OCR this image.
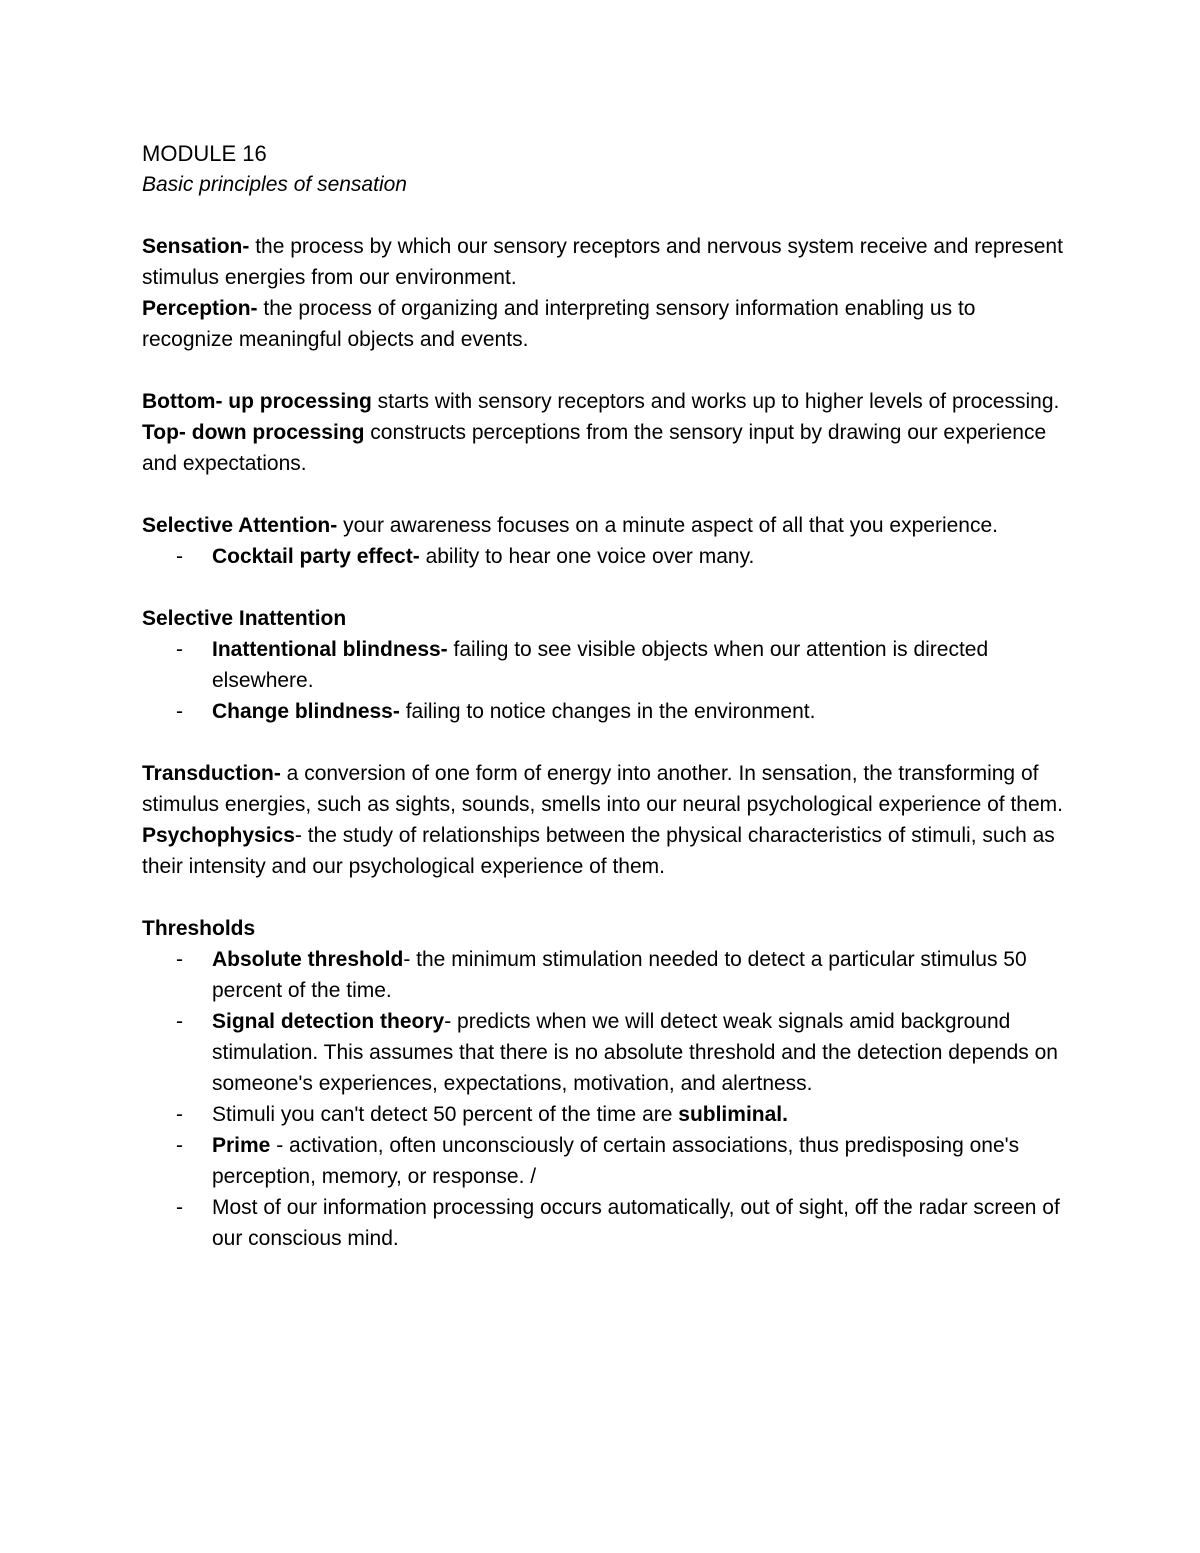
MODULE 16

Basic principles of sensation

Sensation- the process by which our sensory receptors and nervous system receive and represent stimulus energies from our environment.

Perception- the process of organizing and interpreting sensory information enabling us to recognize meaningful objects and events.

Bottom- up processing starts with sensory receptors and works up to higher levels of processing.

Top- down processing constructs perceptions from the sensory input by drawing our experience and expectations.

Selective Attention- your awareness focuses on a minute aspect of all that you experience.

-	Cocktail party effect- ability to hear one voice over many.

Selective Inattention

-	Inattentional blindness- failing to see visible objects when our attention is directed elsewhere.
-	Change blindness- failing to notice changes in the environment.

Transduction- a conversion of one form of energy into another. In sensation, the transforming of stimulus energies, such as sights, sounds, smells into our neural psychological experience of them.

Psychophysics- the study of relationships between the physical characteristics of stimuli, such as their intensity and our psychological experience of them.

Thresholds

-	Absolute threshold- the minimum stimulation needed to detect a particular stimulus 50 percent of the time.
-	Signal detection theory- predicts when we will detect weak signals amid background stimulation. This assumes that there is no absolute threshold and the detection depends on someone's experiences, expectations, motivation, and alertness.
-	Stimuli you can't detect 50 percent of the time are subliminal.
-	Prime - activation, often unconsciously of certain associations, thus predisposing one's perception, memory, or response. /
-	Most of our information processing occurs automatically, out of sight, off the radar screen of our conscious mind.
